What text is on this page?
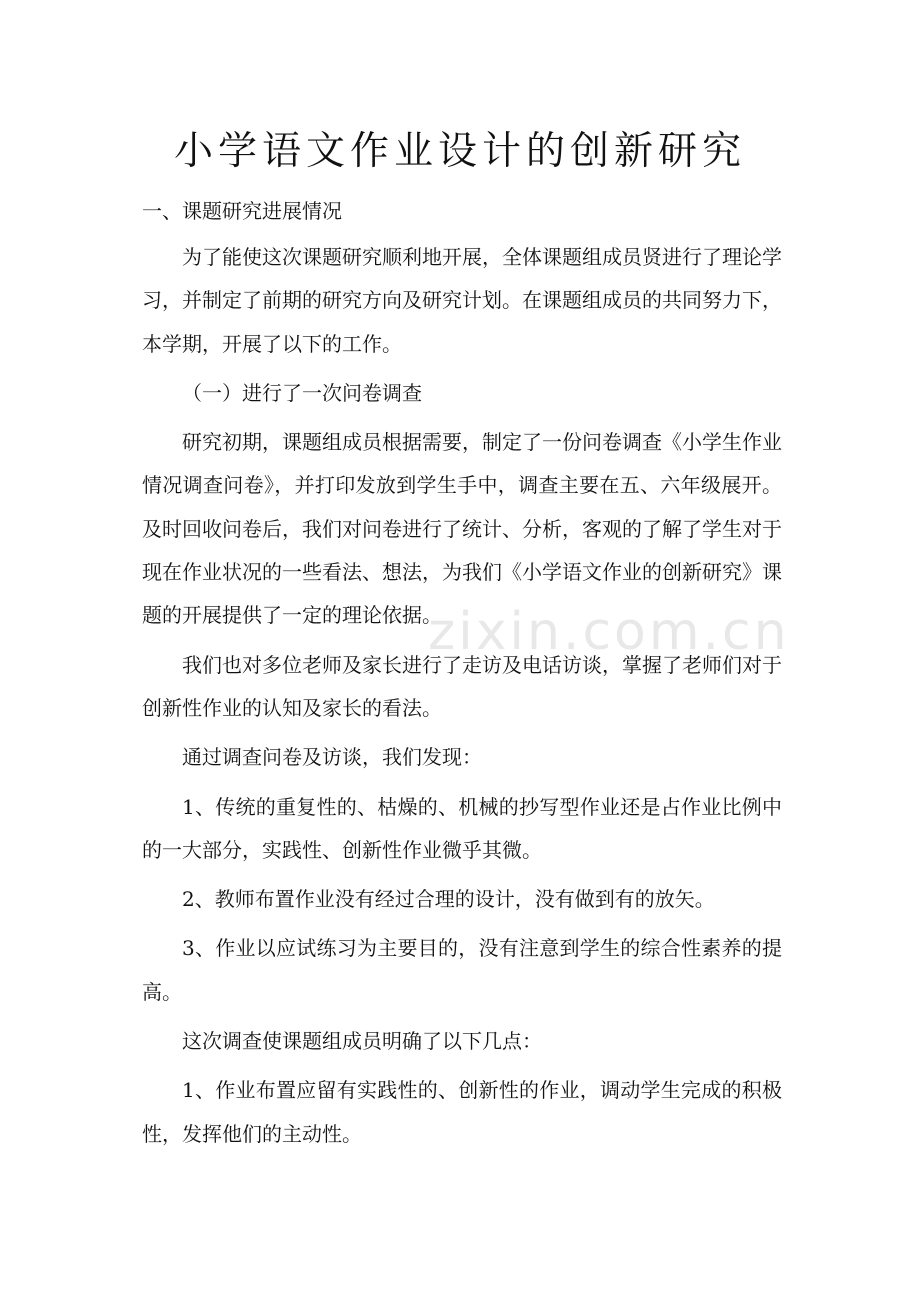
小学语文作业设计的创新研究
一、课题研究进展情况

为了能使这次课题研究顺利地开展，全体课题组成员贤进行了理论学习，并制定了前期的研究方向及研究计划。在课题组成员的共同努力下，本学期，开展了以下的工作。

（一）进行了一次问卷调查

研究初期，课题组成员根据需要，制定了一份问卷调查《小学生作业情况调查问卷》，并打印发放到学生手中，调查主要在五、六年级展开。及时回收问卷后，我们对问卷进行了统计、分析，客观的了解了学生对于现在作业状况的一些看法、想法，为我们《小学语文作业的创新研究》课题的开展提供了一定的理论依据。

我们也对多位老师及家长进行了走访及电话访谈，掌握了老师们对于创新性作业的认知及家长的看法。

通过调查问卷及访谈，我们发现：

1、传统的重复性的、枯燥的、机械的抄写型作业还是占作业比例中的一大部分，实践性、创新性作业微乎其微。

2、教师布置作业没有经过合理的设计，没有做到有的放矢。

3、作业以应试练习为主要目的，没有注意到学生的综合性素养的提高。

这次调查使课题组成员明确了以下几点：

1、作业布置应留有实践性的、创新性的作业，调动学生完成的积极性，发挥他们的主动性。

zixin.com.cn
